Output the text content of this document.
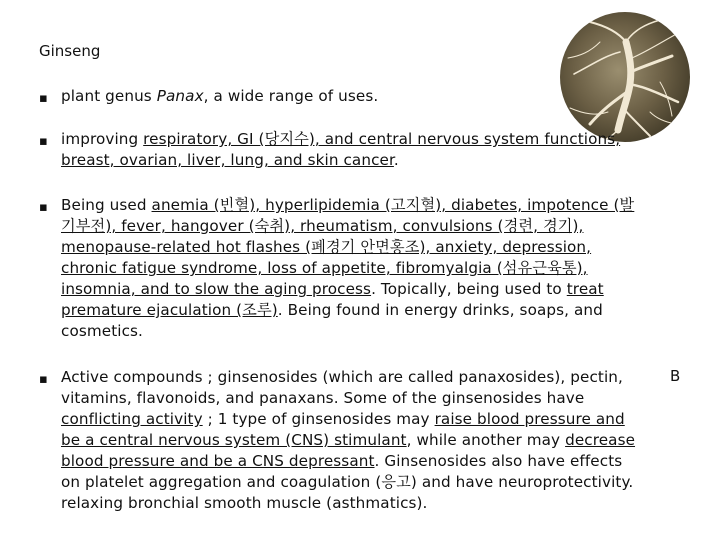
Ginseng
▪ plant genus Panax, a wide range of uses.
▪ improving respiratory, GI (당지수), and central nervous system functions,
breast, ovarian, liver, lung, and skin cancer.
▪ Being used anemia (빈혈), hyperlipidemia (고지혈), diabetes, impotence (발
기부전), fever, hangover (숙취), rheumatism, convulsions (경련, 경기),
menopause-related hot flashes (폐경기 안면홍조), anxiety, depression,
chronic fatigue syndrome, loss of appetite, fibromyalgia (섬유근육통),
insomnia, and to slow the aging process. Topically, being used to treat
premature ejaculation (조루). Being found in energy drinks, soaps, and
cosmetics.
▪ Active compounds ; ginsenosides (which are called panaxosides), pectin,
vitamins, flavonoids, and panaxans. Some of the ginsenosides have
conflicting activity ; 1 type of ginsenosides may raise blood pressure and
be a central nervous system (CNS) stimulant, while another may decrease
blood pressure and be a CNS depressant. Ginsenosides also have effects
on platelet aggregation and coagulation (응고) and have neuroprotectivity.
relaxing bronchial smooth muscle (asthmatics).
B
